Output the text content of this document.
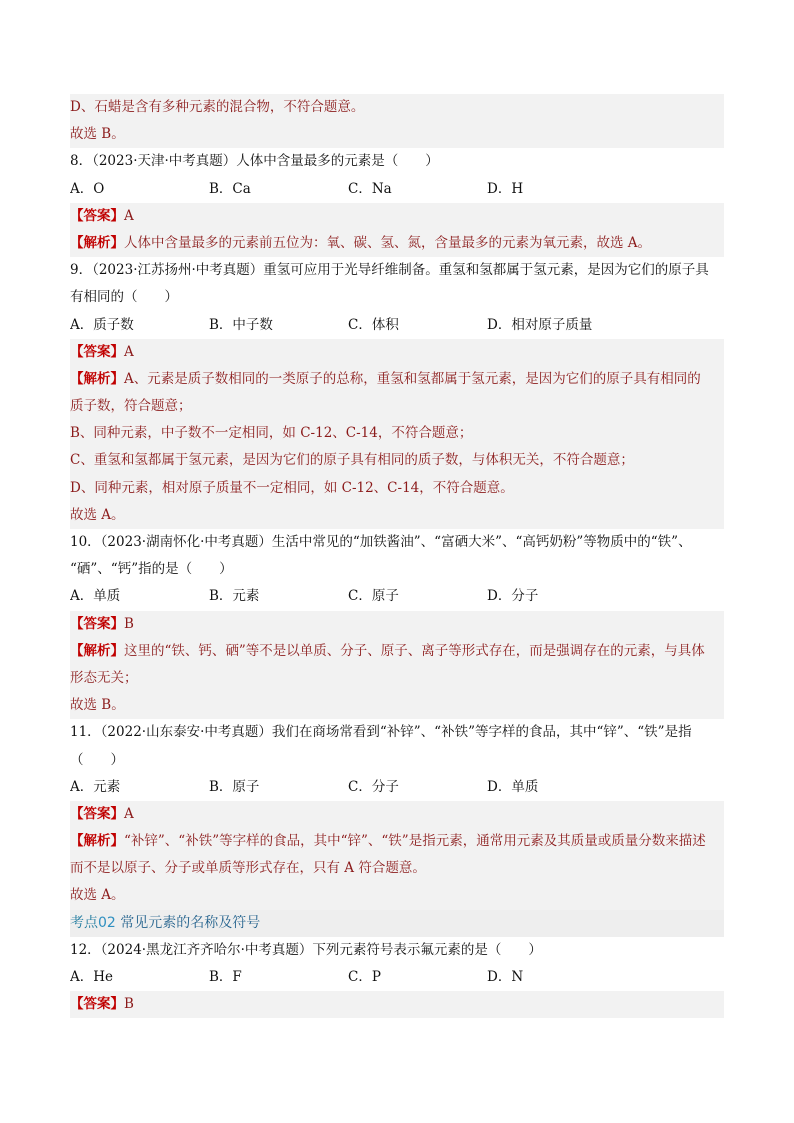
D、石蜡是含有多种元素的混合物，不符合题意。
故选 B。
8．（2023·天津·中考真题）人体中含量最多的元素是（　　）
A．O	B．Ca	C．Na	D．H
【答案】A
【解析】人体中含量最多的元素前五位为：氧、碳、氢、氮，含量最多的元素为氧元素，故选 A。
9．（2023·江苏扬州·中考真题）重氢可应用于光导纤维制备。重氢和氢都属于氢元素，是因为它们的原子具
有相同的（　　）
A．质子数	B．中子数	C．体积	D．相对原子质量
【答案】A
【解析】A、元素是质子数相同的一类原子的总称，重氢和氢都属于氢元素，是因为它们的原子具有相同的
质子数，符合题意；
B、同种元素，中子数不一定相同，如 C-12、C-14，不符合题意；
C、重氢和氢都属于氢元素，是因为它们的原子具有相同的质子数，与体积无关，不符合题意；
D、同种元素，相对原子质量不一定相同，如 C-12、C-14，不符合题意。
故选 A。
10．（2023·湖南怀化·中考真题）生活中常见的“加铁酱油”、“富硒大米”、“高钙奶粉”等物质中的“铁”、
“硒”、“钙”指的是（　　）
A．单质	B．元素	C．原子	D．分子
【答案】B
【解析】这里的“铁、钙、硒”等不是以单质、分子、原子、离子等形式存在，而是强调存在的元素，与具体
形态无关；
故选 B。
11．（2022·山东泰安·中考真题）我们在商场常看到“补锌”、“补铁”等字样的食品，其中“锌”、“铁”是指
（　　）
A．元素	B．原子	C．分子	D．单质
【答案】A
【解析】“补锌”、“补铁”等字样的食品，其中“锌”、“铁”是指元素，通常用元素及其质量或质量分数来描述
而不是以原子、分子或单质等形式存在，只有 A 符合题意。
故选 A。
考点02 常见元素的名称及符号
12．（2024·黑龙江齐齐哈尔·中考真题）下列元素符号表示氟元素的是（　　）
A．He	B．F	C．P	D．N
【答案】B
